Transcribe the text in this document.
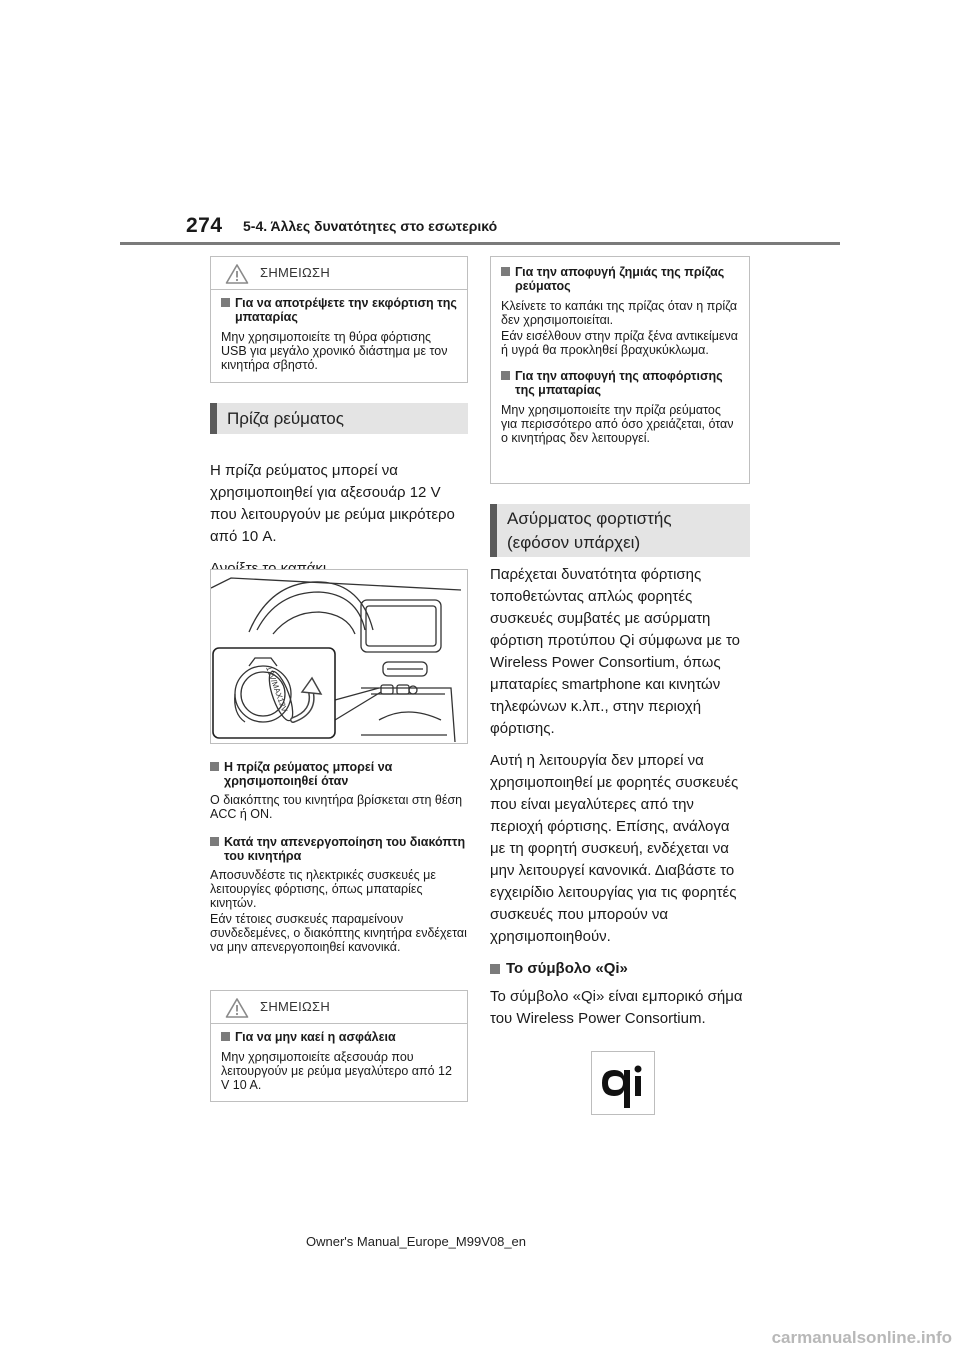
274 5-4. Άλλες δυνατότητες στο εσωτερικό
ΣΗΜΕΙΩΣΗ
Για να αποτρέψετε την εκφόρτιση της μπαταρίας
Μην χρησιμοποιείτε τη θύρα φόρτισης USB για μεγάλο χρονικό διάστημα με τον κινητήρα σβηστό.
Πρίζα ρεύματος

Η πρίζα ρεύματος μπορεί να χρησιμοποιηθεί για αξεσουάρ 12 V που λειτουργούν με ρεύμα μικρότερο από 10 A.

12V/MAX12V
Η πρίζα ρεύματος μπορεί να χρησιμοποιηθεί όταν
Ο διακόπτης του κινητήρα βρίσκεται στη θέση ACC ή ON.
Κατά την απενεργοποίηση του διακόπτη του κινητήρα
Αποσυνδέστε τις ηλεκτρικές συσκευές με λειτουργίες φόρτισης, όπως μπαταρίες κινητών.
Εάν τέτοιες συσκευές παραμείνουν συνδεδεμένες, ο διακόπτης κινητήρα ενδέχεται να μην απενεργοποιηθεί κανονικά.
ΣΗΜΕΙΩΣΗ
Για να μην καεί η ασφάλεια
Μην χρησιμοποιείτε αξεσουάρ που λειτουργούν με ρεύμα μεγαλύτερο από 12 V 10 A.
Για την αποφυγή ζημιάς της πρίζας ρεύματος
Κλείνετε το καπάκι της πρίζας όταν η πρίζα δεν χρησιμοποιείται.
Εάν εισέλθουν στην πρίζα ξένα αντικείμενα ή υγρά θα προκληθεί βραχυκύκλωμα.
Για την αποφυγή της αποφόρτισης της μπαταρίας
Μην χρησιμοποιείτε την πρίζα ρεύματος για περισσότερο από όσο χρειάζεται, όταν ο κινητήρας δεν λειτουργεί.
Ασύρματος φορτιστής
(εφόσον υπάρχει)

Παρέχεται δυνατότητα φόρτισης τοποθετώντας απλώς φορητές συσκευές συμβατές με ασύρματη φόρτιση προτύπου Qi σύμφωνα με το Wireless Power Consortium, όπως μπαταρίες smartphone και κινητών τηλεφώνων κ.λπ., στην περιοχή φόρτισης.

Αυτή η λειτουργία δεν μπορεί να χρησιμοποιηθεί με φορητές συσκευές που είναι μεγαλύτερες από την περιοχή φόρτισης. Επίσης, ανάλογα με τη φορητή συσκευή, ενδέχεται να μην λειτουργεί κανονικά. Διαβάστε το εγχειρίδιο λειτουργίας για τις φορητές συσκευές που μπορούν να χρησιμοποιηθούν.

Το σύμβολο «Qi»

Το σύμβολο «Qi» είναι εμπορικό σήμα του Wireless Power Consortium.

Owner's Manual_Europe_M99V08_en
carmanualsonline.info
